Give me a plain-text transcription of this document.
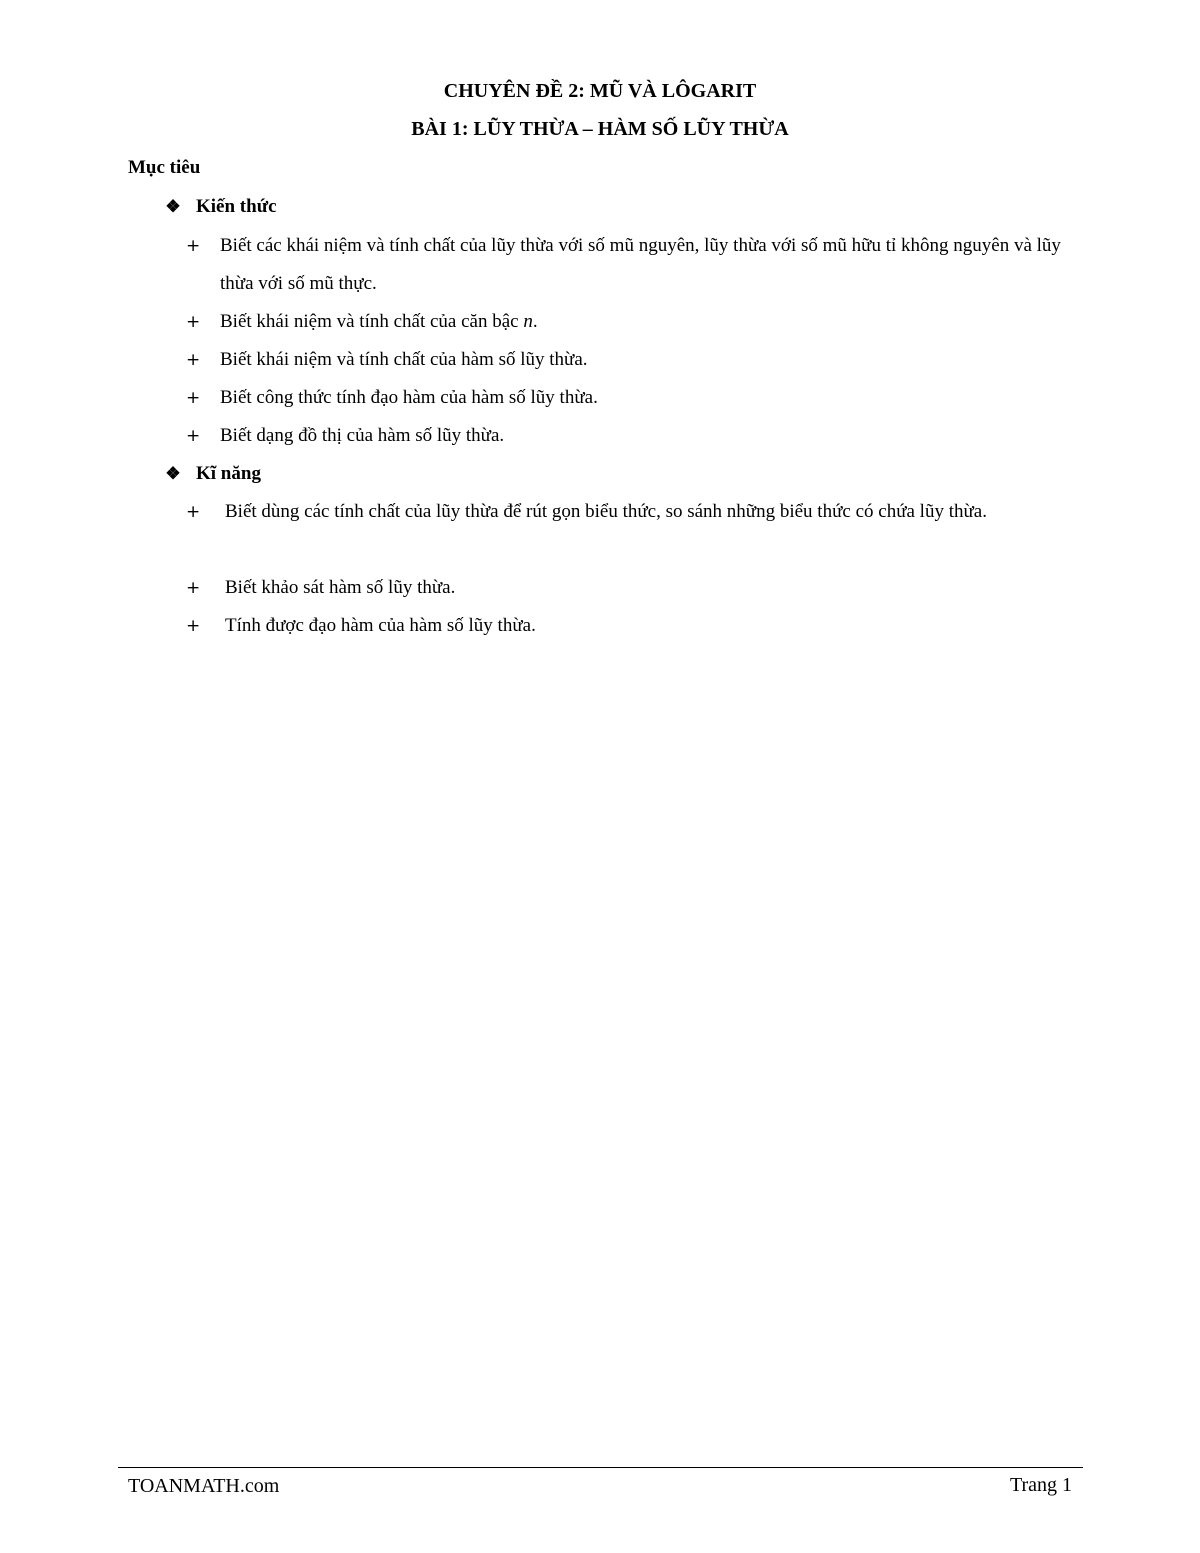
CHUYÊN ĐỀ 2: MŨ VÀ LÔGARIT
BÀI 1: LŨY THỪA – HÀM SỐ LŨY THỪA

Mục tiêu

❖ Kiến thức
+	Biết các khái niệm và tính chất của lũy thừa với số mũ nguyên, lũy thừa với số mũ hữu tỉ không nguyên và lũy thừa với số mũ thực.
+	Biết khái niệm và tính chất của căn bậc n.
+	Biết khái niệm và tính chất của hàm số lũy thừa.
+	Biết công thức tính đạo hàm của hàm số lũy thừa.
+	Biết dạng đồ thị của hàm số lũy thừa.
❖ Kĩ năng
+	Biết dùng các tính chất của lũy thừa để rút gọn biểu thức, so sánh những biểu thức có chứa lũy thừa.
+	Biết khảo sát hàm số lũy thừa.
+	Tính được đạo hàm của hàm số lũy thừa.
TOANMATH.com	Trang 1
